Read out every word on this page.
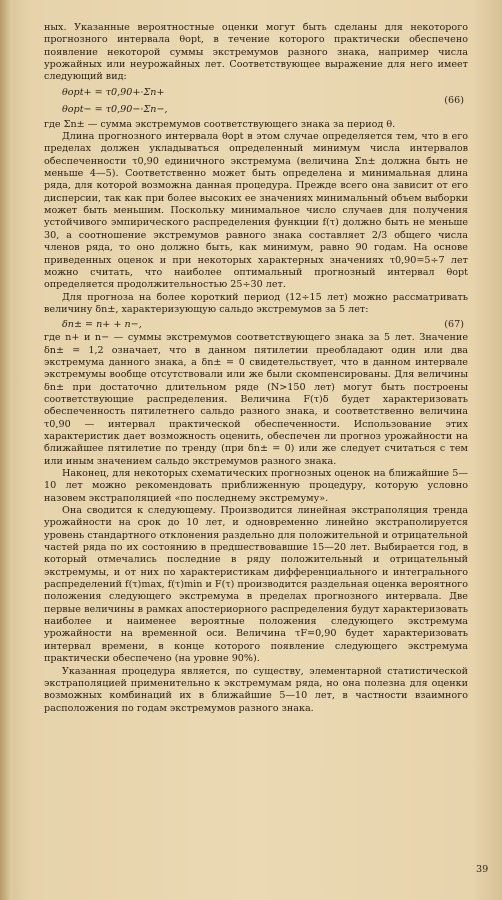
ных. Указанные вероятностные оценки могут быть сделаны для некоторого прогнозного интервала θopt, в течение которого практически обеспечено появление некоторой суммы экстремумов разного знака, например числа урожайных или неурожайных лет. Соответствующее выражение для него имеет следующий вид:

θopt+ = τ0,90+·Σn+
θopt− = τ0,90−·Σn−,
(66)

где Σn± — сумма экстремумов соответствующего знака за период θ.

Длина прогнозного интервала θopt в этом случае определяется тем, что в его пределах должен укладываться определенный минимум числа интервалов обеспеченности τ0,90 единичного экстремума (величина Σn± должна быть не меньше 4—5). Соответственно может быть определена и минимальная длина ряда, для которой возможна данная процедура. Прежде всего она зависит от его дисперсии, так как при более высоких ее значениях минимальный объем выборки может быть меньшим. Поскольку минимальное число случаев для получения устойчивого эмпирического распределения функции f(τ) должно быть не меньше 30, а соотношение экстремумов равного знака составляет 2/3 общего числа членов ряда, то оно должно быть, как минимум, равно 90 годам. На основе приведенных оценок и при некоторых характерных значениях τ0,90=5÷7 лет можно считать, что наиболее оптимальный прогнозный интервал θopt определяется продолжительностью 25÷30 лет.

Для прогноза на более короткий период (12÷15 лет) можно рассматривать величину δn±, характеризующую сальдо экстремумов за 5 лет:

δn± = n+ + n−,	(67)

где n+ и n− — суммы экстремумов соответствующего знака за 5 лет. Значение δn± = 1,2 означает, что в данном пятилетии преобладают один или два экстремума данного знака, а δn± = 0 свидетельствует, что в данном интервале экстремумы вообще отсутствовали или же были скомпенсированы. Для величины δn± при достаточно длительном ряде (N>150 лет) могут быть построены соответствующие распределения. Величина F(τ)δ будет характеризовать обеспеченность пятилетнего сальдо разного знака, и соответственно величина τ0,90 — интервал практической обеспеченности. Использование этих характеристик дает возможность оценить, обеспечен ли прогноз урожайности на ближайшее пятилетие по тренду (при δn± = 0) или же следует считаться с тем или иным значением сальдо экстремумов разного знака.

Наконец, для некоторых схематических прогнозных оценок на ближайшие 5—10 лет можно рекомендовать приближенную процедуру, которую условно назовем экстраполяцией «по последнему экстремуму».

Она сводится к следующему. Производится линейная экстраполяция тренда урожайности на срок до 10 лет, и одновременно линейно экстраполируется уровень стандартного отклонения раздельно для положительной и отрицательной частей ряда по их состоянию в предшествовавшие 15—20 лет. Выбирается год, в который отмечались последние в ряду положительный и отрицательный экстремумы, и от них по характеристикам дифференциального и интегрального распределений f(τ)max, f(τ)min и F(τ) производится раздельная оценка вероятного положения следующего экстремума в пределах прогнозного интервала. Две первые величины в рамках апостериорного распределения будут характеризовать наиболее и наименее вероятные положения следующего экстремума урожайности на временной оси. Величина τF=0,90 будет характеризовать интервал времени, в конце которого появление следующего экстремума практически обеспечено (на уровне 90%).

Указанная процедура является, по существу, элементарной статистической экстраполяцией применительно к экстремумам ряда, но она полезна для оценки возможных комбинаций их в ближайшие 5—10 лет, в частности взаимного расположения по годам экстремумов разного знака.

39
